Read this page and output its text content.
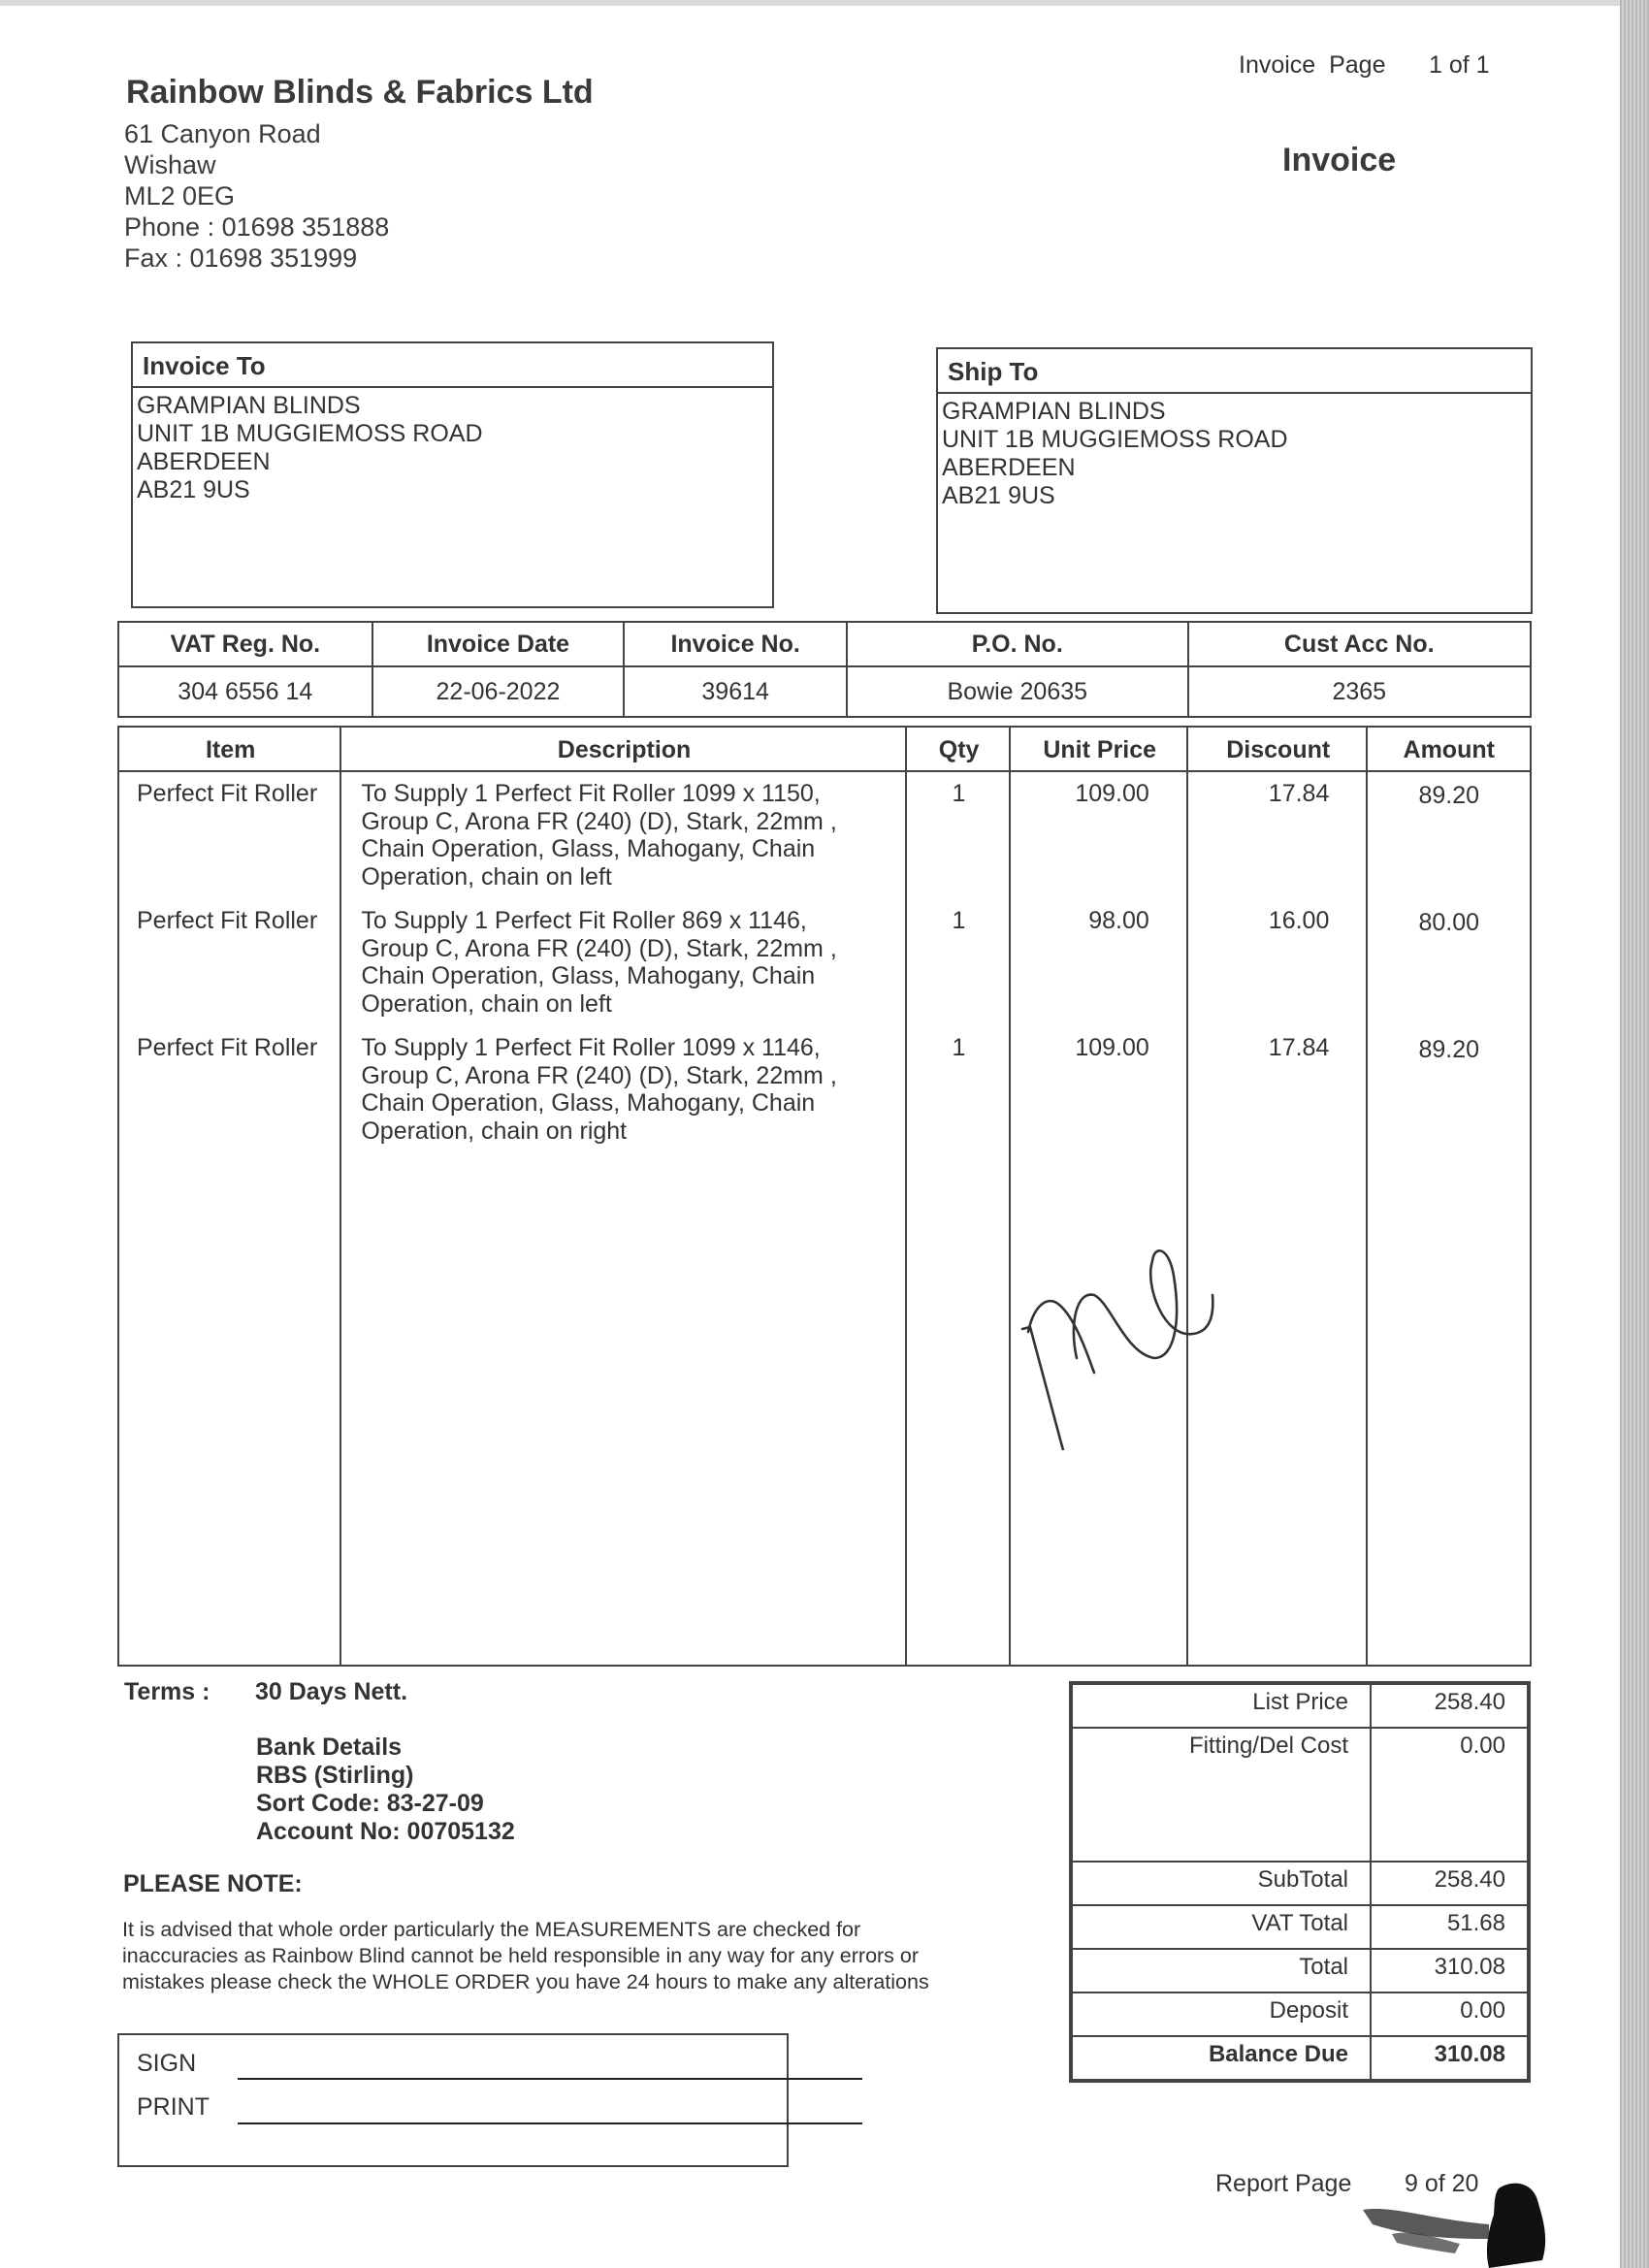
Rainbow Blinds & Fabrics Ltd
61 Canyon Road
Wishaw
ML2 0EG
Phone : 01698 351888
Fax : 01698 351999
Invoice  Page 1 of 1
Invoice
Invoice To
GRAMPIAN BLINDS
UNIT 1B MUGGIEMOSS ROAD
ABERDEEN
AB21 9US
Ship To
GRAMPIAN BLINDS
UNIT 1B MUGGIEMOSS ROAD
ABERDEEN
AB21 9US
VAT Reg. No.	Invoice Date	Invoice No.	P.O. No.	Cust Acc No.
304 6556 14	22-06-2022	39614	Bowie 20635	2365
Item	Description	Qty	Unit Price	Discount	Amount
Perfect Fit Roller	To Supply 1 Perfect Fit Roller 1099 x 1150,
Group C, Arona FR (240) (D), Stark, 22mm ,
Chain Operation, Glass, Mahogany, Chain
Operation, chain on left
1	109.00	17.84	89.20
Perfect Fit Roller	To Supply 1 Perfect Fit Roller 869 x 1146,
Group C, Arona FR (240) (D), Stark, 22mm ,
Chain Operation, Glass, Mahogany, Chain
Operation, chain on left
1	98.00	16.00	80.00
Perfect Fit Roller	To Supply 1 Perfect Fit Roller 1099 x 1146,
Group C, Arona FR (240) (D), Stark, 22mm ,
Chain Operation, Glass, Mahogany, Chain
Operation, chain on right
1	109.00	17.84	89.20
Terms : 30 Days Nett.
Bank Details
RBS (Stirling)
Sort Code: 83-27-09
Account No: 00705132
PLEASE NOTE:
It is advised that whole order particularly the MEASUREMENTS are checked for
inaccuracies as Rainbow Blind cannot be held responsible in any way for any errors or
mistakes please check the WHOLE ORDER you have 24 hours to make any alterations
SIGN
PRINT
List Price	258.40
Fitting/Del Cost	0.00
SubTotal	258.40
VAT Total	51.68
Total	310.08
Deposit	0.00
Balance Due	310.08
Report Page 9 of 20
